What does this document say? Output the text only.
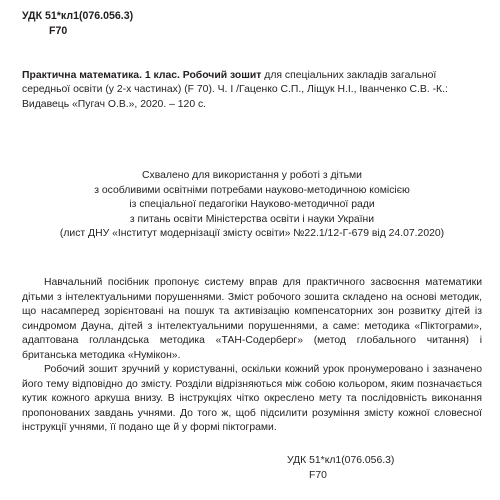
УДК 51*кл1(076.056.3)
F70
Практична математика. 1 клас. Робочий зошит для спеціальних закладів загальної середньої освіти (у 2-х частинах) (F 70). Ч. І /Гаценко С.П., Ліщук Н.І., Іванченко С.В. -К.: Видавець «Пугач О.В.», 2020. – 120 с.
Схвалено для використання у роботі з дітьми
з особливими освітніми потребами науково-методичною комісією
із спеціальної педагогіки Науково-методичної ради
з питань освіти Міністерства освіти і науки України
(лист ДНУ «Інститут модернізації змісту освіти» №22.1/12-Г-679 від 24.07.2020)

Навчальний посібник пропонує систему вправ для практичного засвоєння математики дітьми з інтелектуальними порушеннями. Зміст робочого зошита складено на основі методик, що насамперед зорієнтовані на пошук та активізацію компенсаторних зон розвитку дітей із синдромом Дауна, дітей з інтелектуальними порушеннями, а саме: методика «Піктограми», адаптована голландська методика «ТАН-Содерберг» (метод глобального читання) і британська методика «Нумікон».

Робочий зошит зручний у користуванні, оскільки кожний урок пронумеровано і зазначено його тему відповідно до змісту. Розділи відрізняються між собою кольором, яким позначається кутик кожного аркуша внизу. В інструкціях чітко окреслено мету та послідовність виконання пропонованих завдань учнями. До того ж, щоб підсилити розуміння змісту кожної словесної інструкції учнями, її подано ще й у формі піктограми.

УДК 51*кл1(076.056.3)
F70
